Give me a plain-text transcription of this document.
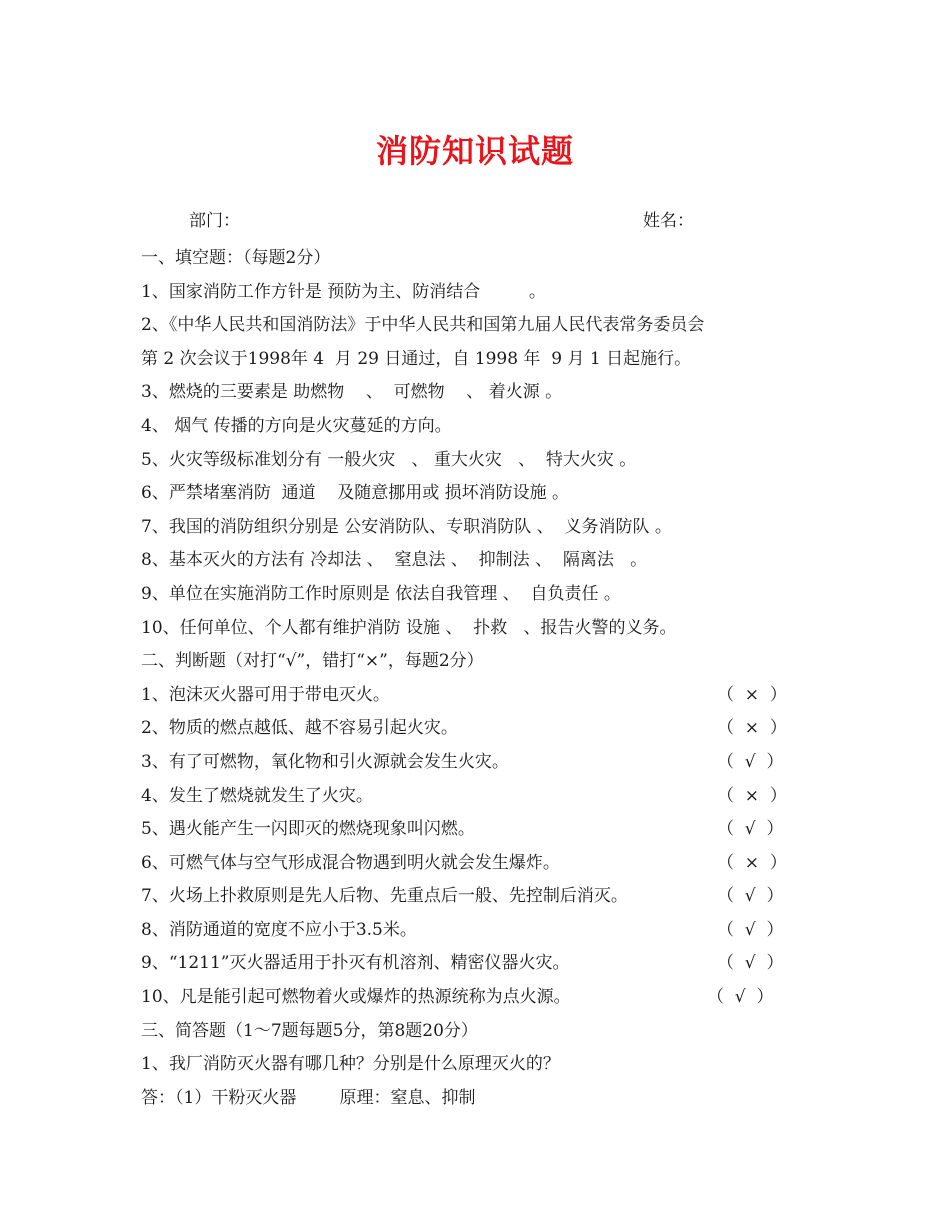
消防知识试题
部门：	姓名：
一、填空题：（每题2分）
1、国家消防工作方针是 预防为主、防消结合         。
2、《中华人民共和国消防法》于中华人民共和国第九届人民代表常务委员会
第 2 次会议于1998年 4  月 29 日通过，自 1998 年  9 月 1 日起施行。
3、燃烧的三要素是 助燃物    、  可燃物    、 着火源 。
4、 烟气 传播的方向是火灾蔓延的方向。
5、火灾等级标准划分有 一般火灾   、 重大火灾   、  特大火灾 。
6、严禁堵塞消防  通道    及随意挪用或 损坏消防设施 。
7、我国的消防组织分别是 公安消防队、专职消防队 、  义务消防队 。
8、基本灭火的方法有 冷却法 、  窒息法 、  抑制法 、  隔离法   。
9、单位在实施消防工作时原则是 依法自我管理 、  自负责任 。
10、任何单位、个人都有维护消防 设施 、  扑救   、报告火警的义务。
二、判断题（对打“√”，错打“×”，每题2分）
1、泡沫灭火器可用于带电灭火。	（  ×  ）
2、物质的燃点越低、越不容易引起火灾。	（  ×  ）
3、有了可燃物，氧化物和引火源就会发生火灾。	（  √  ）
4、发生了燃烧就发生了火灾。	（  ×  ）
5、遇火能产生一闪即灭的燃烧现象叫闪燃。	（  √  ）
6、可燃气体与空气形成混合物遇到明火就会发生爆炸。	（  ×  ）
7、火场上扑救原则是先人后物、先重点后一般、先控制后消灭。	（  √  ）
8、消防通道的宽度不应小于3.5米。	（  √  ）
9、“1211”灭火器适用于扑灭有机溶剂、精密仪器火灾。	（  √  ）
10、凡是能引起可燃物着火或爆炸的热源统称为点火源。	（  √  ）
三、简答题（1～7题每题5分，第8题20分）
1、我厂消防灭火器有哪几种？分别是什么原理灭火的？
答：（1）干粉灭火器        原理：窒息、抑制
